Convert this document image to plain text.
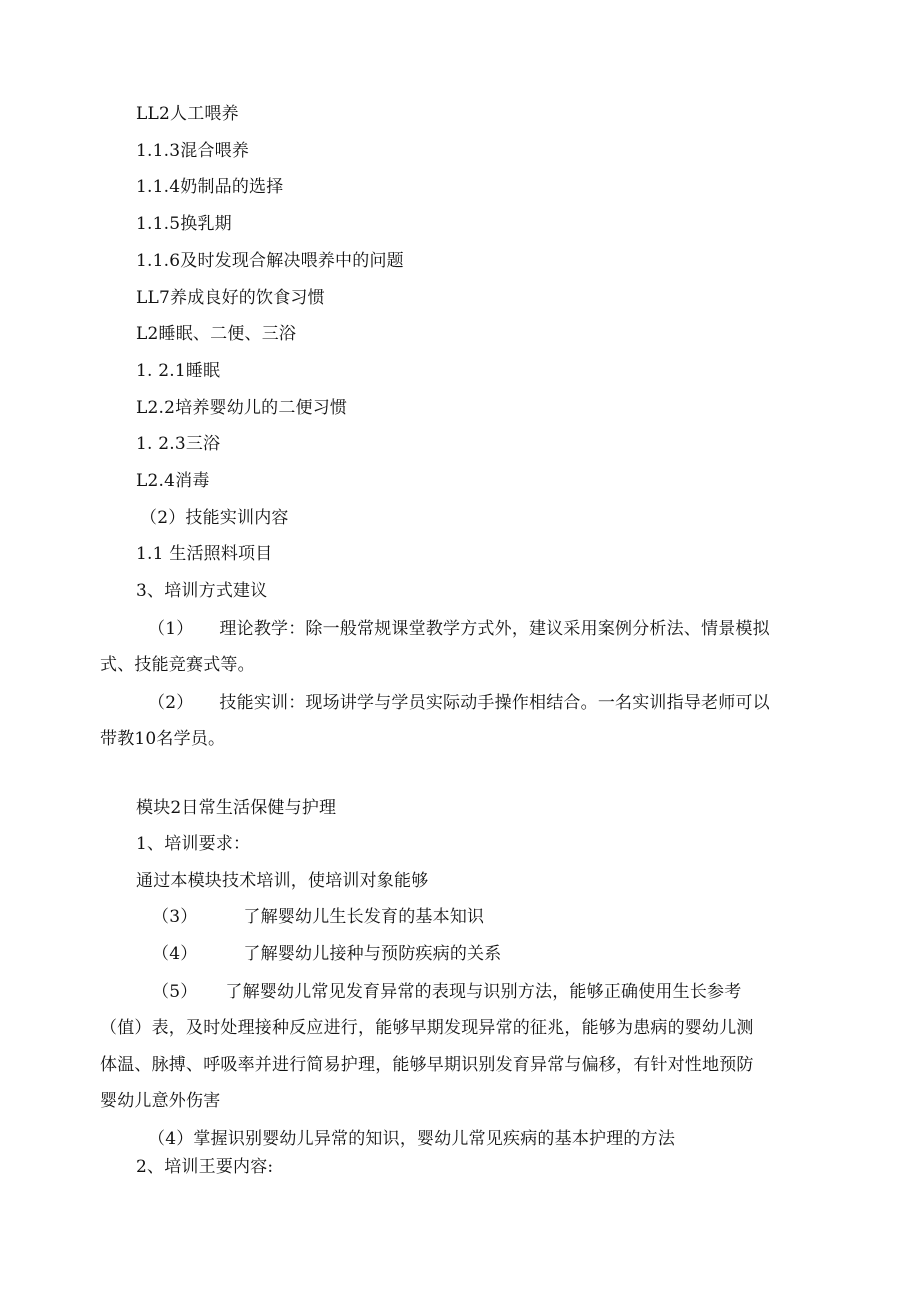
LL2人工喂养
1.1.3混合喂养
1.1.4奶制品的选择
1.1.5换乳期
1.1.6及时发现合解决喂养中的问题
LL7养成良好的饮食习惯
L2睡眠、二便、三浴
1. 2.1睡眠
L2.2培养婴幼儿的二便习惯
1. 2.3三浴
L2.4消毒
（2）技能实训内容
1.1 生活照料项目
3、培训方式建议
（1） 理论教学：除一般常规课堂教学方式外，建议采用案例分析法、情景模拟
式、技能竞赛式等。
（2） 技能实训：现场讲学与学员实际动手操作相结合。一名实训指导老师可以
带教10名学员。
模块2日常生活保健与护理
1、培训要求：
通过本模块技术培训，使培训对象能够
（3）	了解婴幼儿生长发育的基本知识
（4）	了解婴幼儿接种与预防疾病的关系
（5） 了解婴幼儿常见发育异常的表现与识别方法，能够正确使用生长参考
（值）表，及时处理接种反应进行，能够早期发现异常的征兆，能够为患病的婴幼儿测
体温、脉搏、呼吸率并进行简易护理，能够早期识别发育异常与偏移，有针对性地预防
婴幼儿意外伤害
（4）掌握识别婴幼儿异常的知识，婴幼儿常见疾病的基本护理的方法
2、培训王要内容:
